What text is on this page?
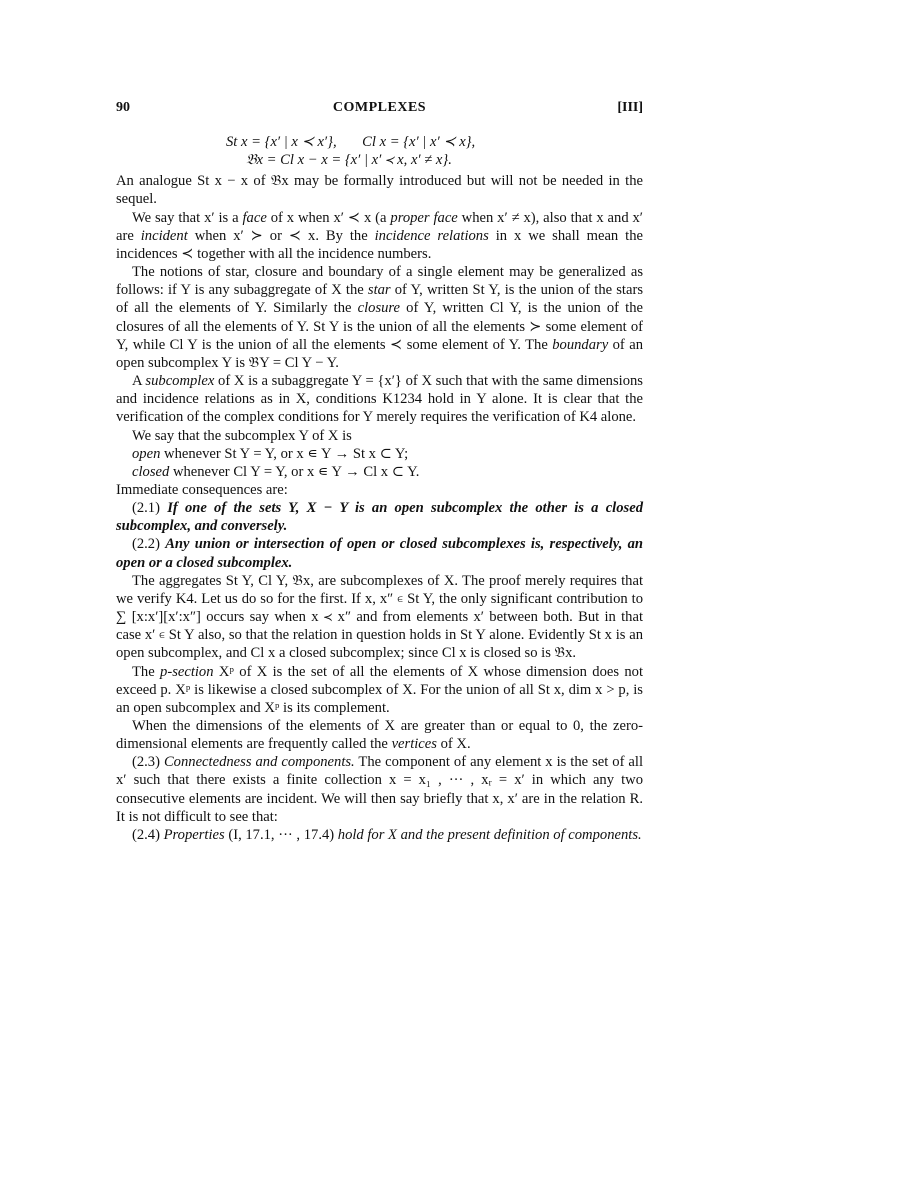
90	COMPLEXES	[III]
St x = {x′ | x ≺ x′},       Cl x = {x′ | x′ ≺ x},
𝔅x = Cl x − x = {x′ | x′ ≺ x, x′ ≠ x}.

An analogue St x − x of 𝔅x may be formally introduced but will not be needed in the sequel.

We say that x′ is a face of x when x′ ≺ x (a proper face when x′ ≠ x), also that x and x′ are incident when x′ ≻ or ≺ x. By the incidence relations in x we shall mean the incidences ≺ together with all the incidence numbers.

The notions of star, closure and boundary of a single element may be generalized as follows: if Y is any subaggregate of X the star of Y, written St Y, is the union of the stars of all the elements of Y. Similarly the closure of Y, written Cl Y, is the union of the closures of all the elements of Y. St Y is the union of all the elements ≻ some element of Y, while Cl Y is the union of all the elements ≺ some element of Y. The boundary of an open subcomplex Y is 𝔅Y = Cl Y − Y.

A subcomplex of X is a subaggregate Y = {x′} of X such that with the same dimensions and incidence relations as in X, conditions K1234 hold in Y alone. It is clear that the verification of the complex conditions for Y merely requires the verification of K4 alone.

We say that the subcomplex Y of X is

open whenever St Y = Y, or x ∊ Y → St x ⊂ Y;

closed whenever Cl Y = Y, or x ∊ Y → Cl x ⊂ Y.

Immediate consequences are:

(2.1) If one of the sets Y, X − Y is an open subcomplex the other is a closed subcomplex, and conversely.

(2.2) Any union or intersection of open or closed subcomplexes is, respectively, an open or a closed subcomplex.

The aggregates St Y, Cl Y, 𝔅x, are subcomplexes of X. The proof merely requires that we verify K4. Let us do so for the first. If x, x″ ∊ St Y, the only significant contribution to ∑ [x:x′][x′:x″] occurs say when x ≺ x″ and from elements x′ between both. But in that case x′ ∊ St Y also, so that the relation in question holds in St Y alone. Evidently St x is an open subcomplex, and Cl x a closed subcomplex; since Cl x is closed so is 𝔅x.

The p-section Xᵖ of X is the set of all the elements of X whose dimension does not exceed p. Xᵖ is likewise a closed subcomplex of X. For the union of all St x, dim x > p, is an open subcomplex and Xᵖ is its complement.

When the dimensions of the elements of X are greater than or equal to 0, the zero-dimensional elements are frequently called the vertices of X.

(2.3) Connectedness and components. The component of any element x is the set of all x′ such that there exists a finite collection x = x₁ , ··· , xᵣ = x′ in which any two consecutive elements are incident. We will then say briefly that x, x′ are in the relation R. It is not difficult to see that:

(2.4) Properties (I, 17.1, ··· , 17.4) hold for X and the present definition of components.
